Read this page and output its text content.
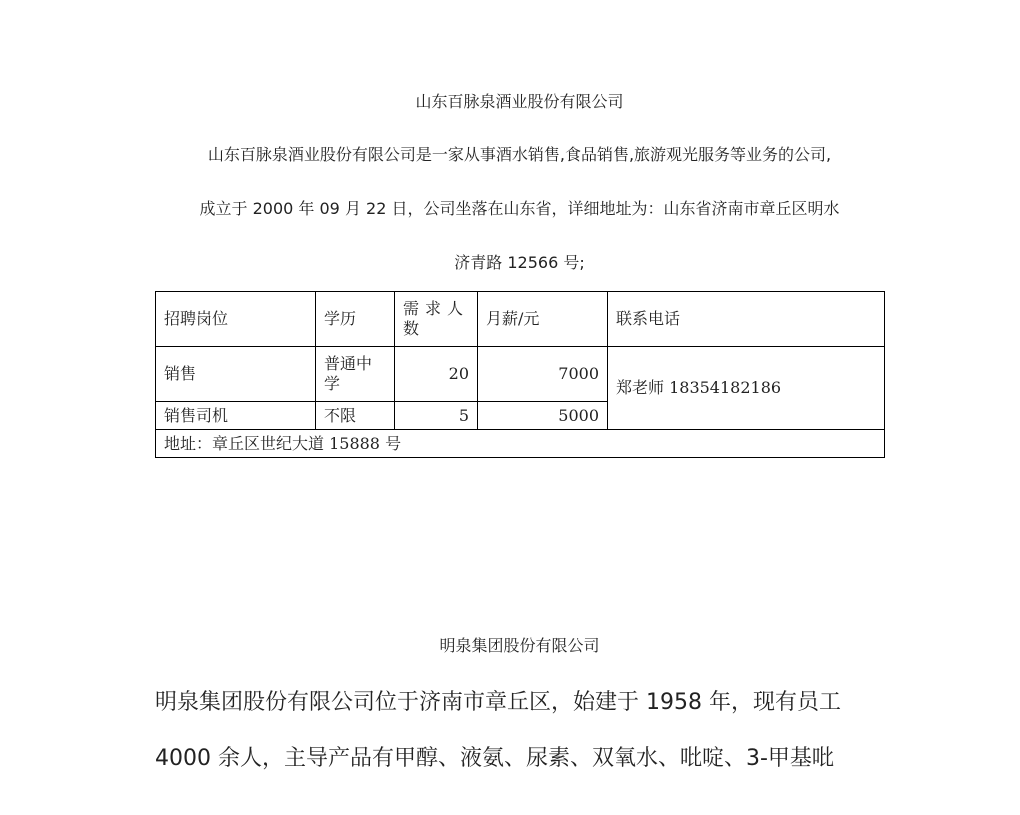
山东百脉泉酒业股份有限公司
山东百脉泉酒业股份有限公司是一家从事酒水销售,食品销售,旅游观光服务等业务的公司,
成立于 2000 年 09 月 22 日，公司坐落在山东省，详细地址为：山东省济南市章丘区明水
济青路 12566 号;
招聘岗位	学历	需求人数	月薪/元	联系电话
销售	普通中学	20	7000	郑老师 18354182186
销售司机	不限	5	5000	
地址：章丘区世纪大道 15888 号				
明泉集团股份有限公司
明泉集团股份有限公司位于济南市章丘区，始建于 1958 年，现有员工
4000 余人，主导产品有甲醇、液氨、尿素、双氧水、吡啶、3-甲基吡
